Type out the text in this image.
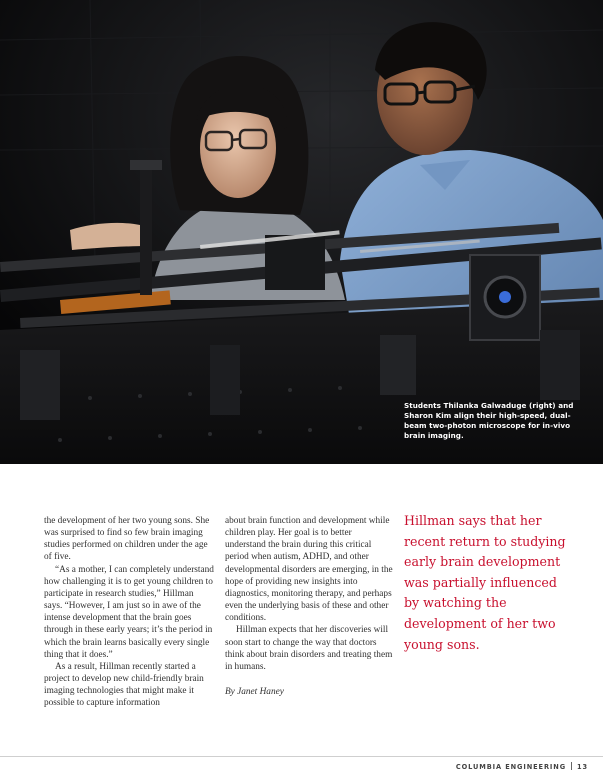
Students Thilanka Galwaduge (right) and Sharon Kim align their high-speed, dual-beam two-photon microscope for in-vivo brain imaging.

the development of her two young sons. She was surprised to find so few brain imaging studies performed on children under the age of five.

“As a mother, I can completely understand how challenging it is to get young children to participate in research studies,” Hillman says. “However, I am just so in awe of the intense development that the brain goes through in these early years; it’s the period in which the brain learns basically every single thing that it does.”

As a result, Hillman recently started a project to develop new child-friendly brain imaging technologies that might make it possible to capture information

about brain function and development while children play. Her goal is to better understand the brain during this critical period when autism, ADHD, and other developmental disorders are emerging, in the hope of providing new insights into diagnostics, monitoring therapy, and perhaps even the underlying basis of these and other conditions.

Hillman expects that her discoveries will soon start to change the way that doctors think about brain disorders and treating them in humans.

By Janet Haney

Hillman says that her recent return to studying early brain development was partially influenced by watching the development of her two young sons.

COLUMBIA ENGINEERING 13
